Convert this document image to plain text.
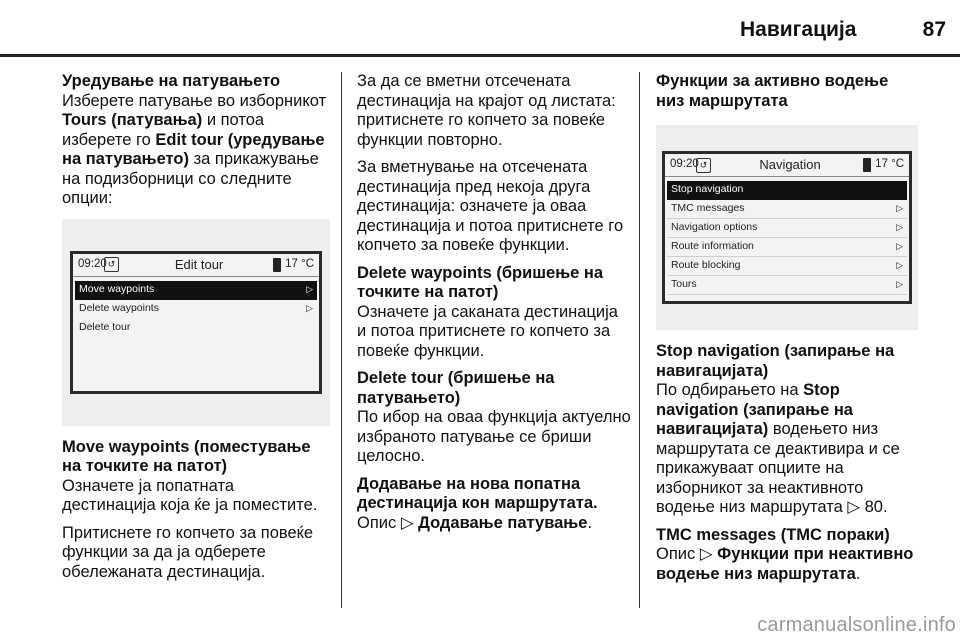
Навигација	87

Уредување на патувањето
Изберете патување во изборникот Tours (патувања) и потоа изберете го Edit tour (уредување на патувањето) за прикажување на подизборници со следните опции:

09:20 ↺	Edit tour	17 °C
Move waypoints	▷
Delete waypoints	▷
Delete tour
Move waypoints (поместување на точките на патот)

Означете ја попатната дестинација која ќе ја поместите.

Притиснете го копчето за повеќе функции за да ја одберете обележаната дестинација.

За да се вметни отсечената дестинација на крајот од листата: притиснете го копчето за повеќе функции повторно.

За вметнување на отсечената дестинација пред некоја друга дестинација: означете ја оваа дестинација и потоа притиснете го копчето за повеќе функции.

Delete waypoints (бришење на точките на патот)

Означете ја саканата дестинација и потоа притиснете го копчето за повеќе функции.

Delete tour (бришење на патувањето)

По ибор на оваа функција актуелно избраното патување се бриши целосно.

Додавање на нова попатна дестинација кон маршрутата.

Опис ▷ Додавање патување.

Функции за активно водење низ маршрутата
09:20 ↺	Navigation	17 °C
Stop navigation
TMC messages	▷
Navigation options	▷
Route information	▷
Route blocking	▷
Tours	▷
Stop navigation (запирање на навигацијата)

По одбирањето на Stop navigation (запирање на навигацијата) водењето низ маршрутата се деактивира и се прикажуваат опциите на изборникот за неактивното водење низ маршрутата ▷ 80.

TMC messages (TMC пораки)

Опис ▷ Функции при неактивно водење низ маршрутата.

carmanualsonline.info
